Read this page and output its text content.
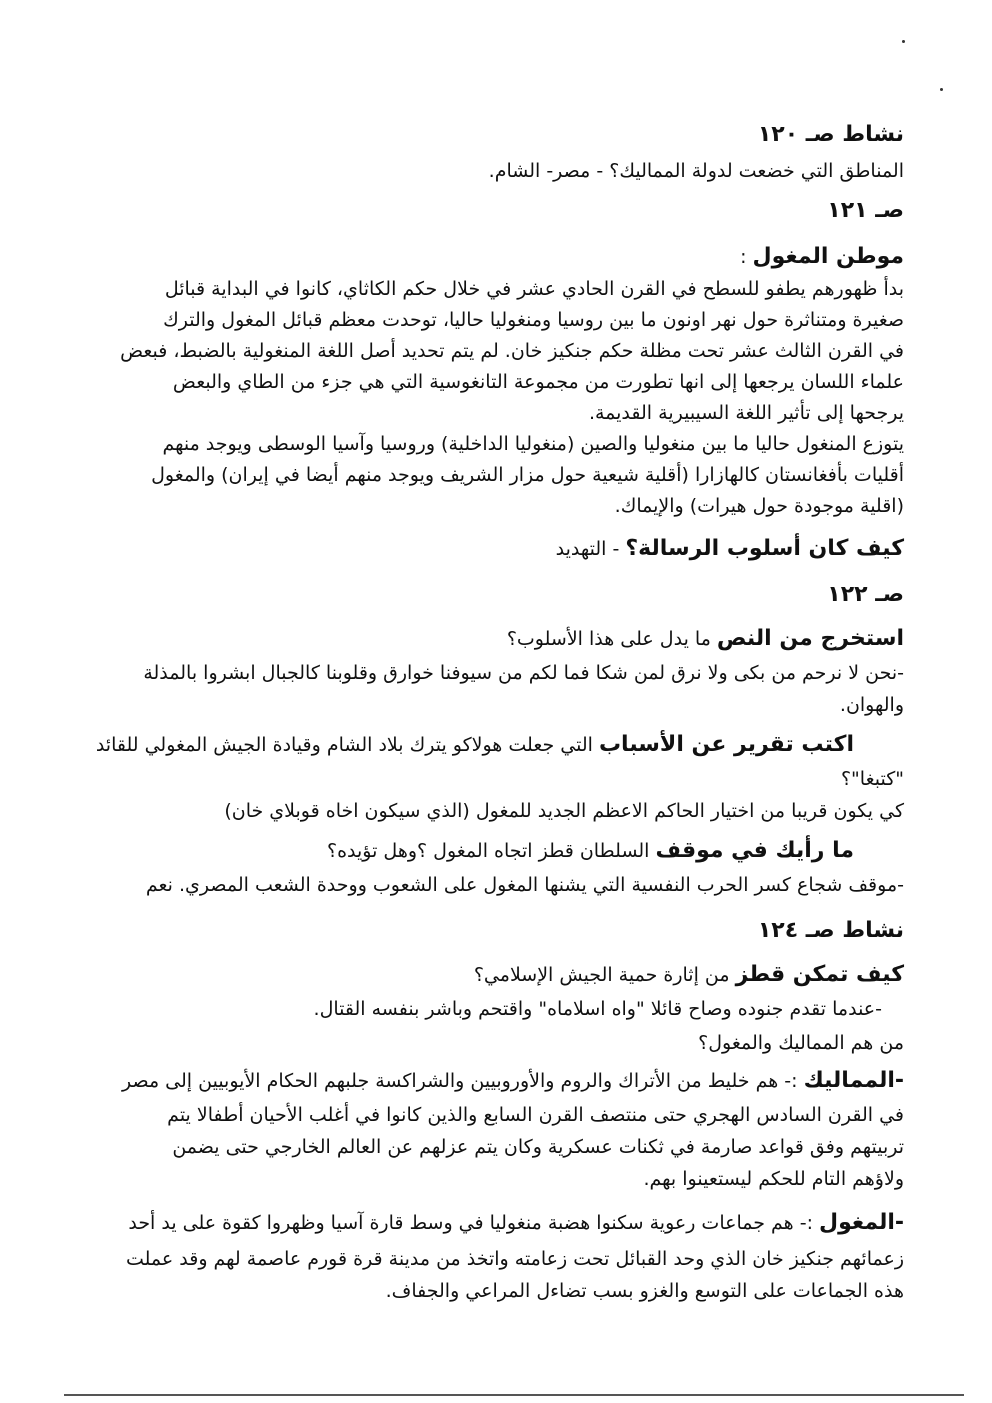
نشاط صـ ١٢٠
المناطق التي خضعت لدولة المماليك؟ - مصر- الشام.
صـ ١٢١
موطن المغول :
بدأ ظهورهم يطفو للسطح في القرن الحادي عشر في خلال حكم الكاثاي، كانوا في البداية قبائل
صغيرة ومتناثرة حول نهر اونون ما بين روسيا ومنغوليا حاليا، توحدت معظم قبائل المغول والترك
في القرن الثالث عشر تحت مظلة حكم جنكيز خان. لم يتم تحديد أصل اللغة المنغولية بالضبط، فبعض
علماء اللسان يرجعها إلى انها تطورت من مجموعة التانغوسية التي هي جزء من الطاي والبعض
يرجحها إلى تأثير اللغة السيبيرية القديمة.
يتوزع المنغول حاليا ما بين منغوليا والصين (منغوليا الداخلية) وروسيا وآسيا الوسطى ويوجد منهم
أقليات بأفغانستان كالهازارا (أقلية شيعية حول مزار الشريف ويوجد منهم أيضا في إيران) والمغول
(اقلية موجودة حول هيرات) والإيماك.
كيف كان أسلوب الرسالة؟ - التهديد
صـ ١٢٢
استخرج من النص ما يدل على هذا الأسلوب؟
-نحن لا نرحم من بكى ولا نرق لمن شكا فما لكم من سيوفنا خوارق وقلوبنا كالجبال ابشروا بالمذلة
والهوان.
اكتب تقرير عن الأسباب التي جعلت هولاكو يترك بلاد الشام وقيادة الجيش المغولي للقائد
"كتبغا"؟
كي يكون قريبا من اختيار الحاكم الاعظم الجديد للمغول (الذي سيكون اخاه قوبلاي خان)
ما رأيك في موقف السلطان قطز اتجاه المغول ؟وهل تؤيده؟
-موقف شجاع كسر الحرب النفسية التي يشنها المغول على الشعوب ووحدة الشعب المصري. نعم
نشاط صـ ١٢٤
كيف تمكن قطز من إثارة حمية الجيش الإسلامي؟
-عندما تقدم جنوده وصاح قائلا "واه اسلاماه" واقتحم وباشر بنفسه القتال.
من هم المماليك والمغول؟
-المماليك :- هم خليط من الأتراك والروم والأوروبيين والشراكسة جلبهم الحكام الأيوبيين إلى مصر
في القرن السادس الهجري حتى منتصف القرن السابع والذين كانوا في أغلب الأحيان أطفالا يتم
تربيتهم وفق قواعد صارمة في ثكنات عسكرية وكان يتم عزلهم عن العالم الخارجي حتى يضمن
ولاؤهم التام للحكم ليستعينوا بهم.
-المغول :- هم جماعات رعوية سكنوا هضبة منغوليا في وسط قارة آسيا وظهروا كقوة على يد أحد
زعمائهم جنكيز خان الذي وحد القبائل تحت زعامته واتخذ من مدينة قرة قورم عاصمة لهم وقد عملت
هذه الجماعات على التوسع والغزو بسب تضاءل المراعي والجفاف.
